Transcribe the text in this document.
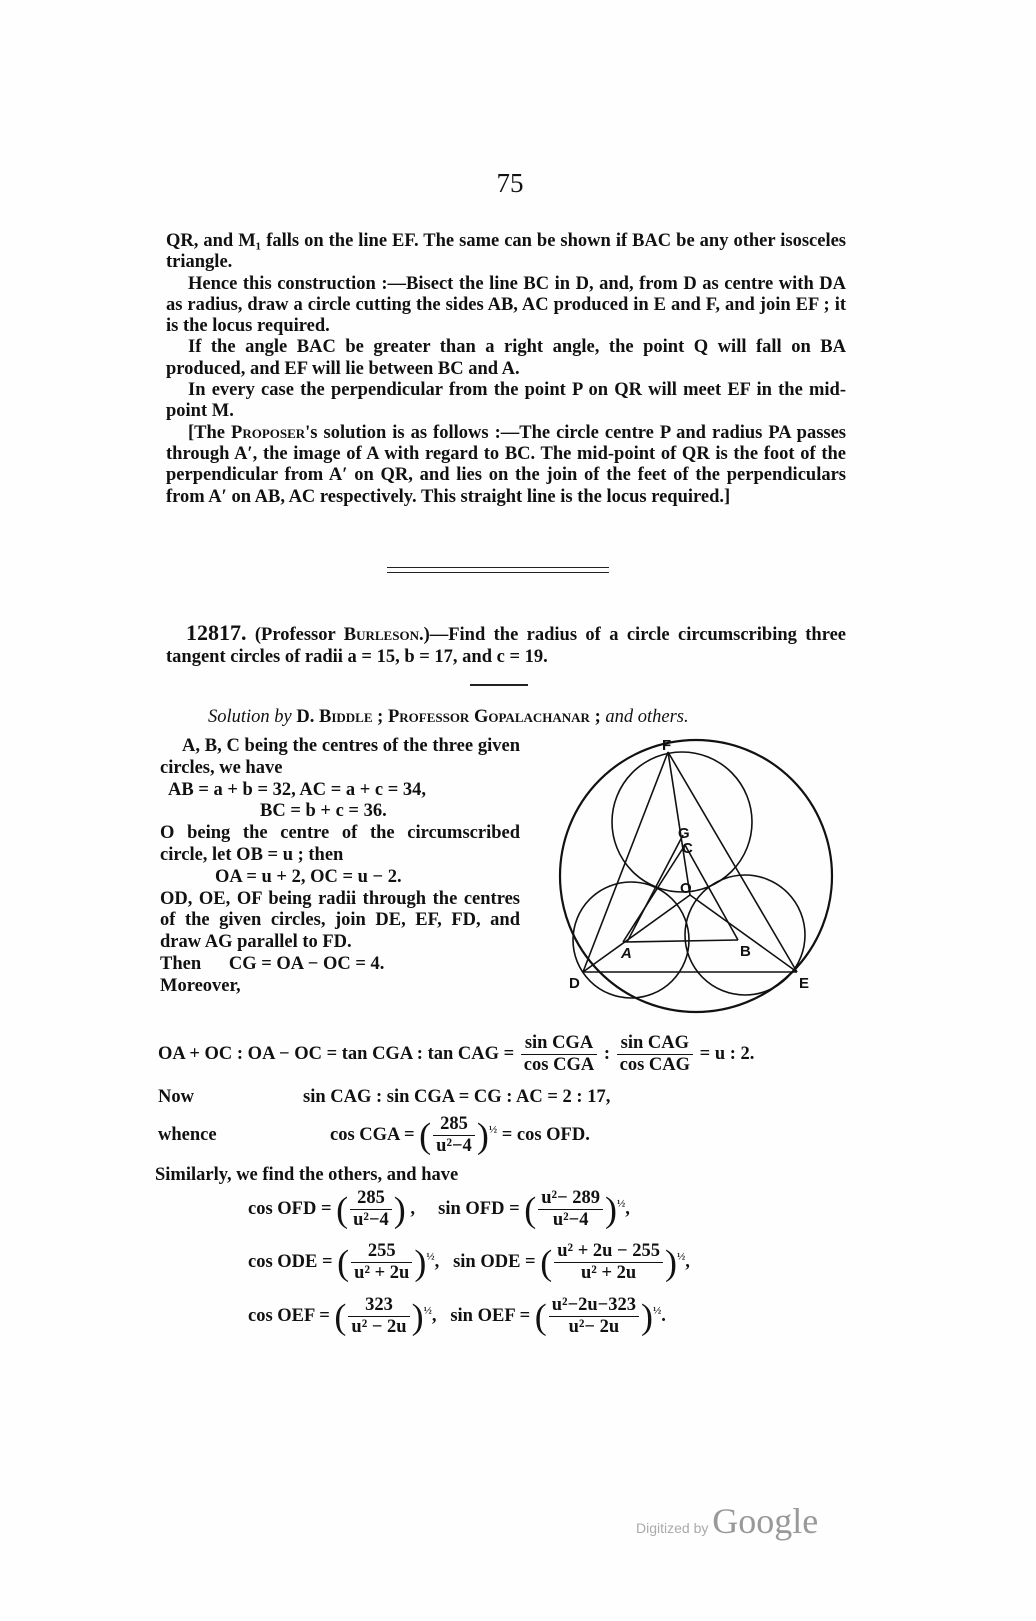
75
QR, and M₁ falls on the line EF. The same can be shown if BAC be any other isosceles triangle.
Hence this construction :—Bisect the line BC in D, and, from D as centre with DA as radius, draw a circle cutting the sides AB, AC produced in E and F, and join EF ; it is the locus required.
If the angle BAC be greater than a right angle, the point Q will fall on BA produced, and EF will lie between BC and A.
In every case the perpendicular from the point P on QR will meet EF in the mid-point M.
[The Proposer's solution is as follows :—The circle centre P and radius PA passes through A′, the image of A with regard to BC. The mid-point of QR is the foot of the perpendicular from A′ on QR, and lies on the join of the feet of the perpendiculars from A′ on AB, AC respectively. This straight line is the locus required.]
12817. (Professor Burleson.)—Find the radius of a circle circumscribing three tangent circles of radii a = 15, b = 17, and c = 19.
Solution by D. Biddle ; Professor Gopalachanar ; and others.
A, B, C being the centres of the three given circles, we have
AB = a + b = 32, AC = a + c = 34,
BC = b + c = 36.
O being the centre of the circumscribed circle, let OB = u ; then
OA = u + 2, OC = u − 2.
OD, OE, OF being radii through the centres of the given circles, join DE, EF, FD, and draw AG parallel to FD.
Then      CG = OA − OC = 4.
Moreover,
F
G
C
O
A	B
D	E
OA + OC : OA − OC = tan CGA : tan CAG = $\frac{\text{sin CGA}}{\text{cos CGA}}$ : $\frac{\text{sin CAG}}{\text{cos CAG}} = u$ : 2.
Now	sin CAG : sin CGA = CG : AC = 2 : 17,
whence	cos CGA = ( $\frac{285}{\text{u²−4}} )^{\frac{1}{2}} = \cos$ OFD.
Similarly, we find the others, and have
cos OFD = ( $\frac{285}{\text{u²−4}}$ ) ,     sin OFD = ( $\frac{\text{u²− 289}}{\text{u²−4}} )^{\frac{1}{2}}$,
cos ODE = ( $\frac{255}{\text{u² + 2u}} )^{\frac{1}{2}}$,   sin ODE = ( $\frac{\text{u² + 2u − 255}}{\text{u² + 2u}} )^{\frac{1}{2}}$,
cos OEF = ( $\frac{323}{\text{u² − 2u}} )^{\frac{1}{2}}$,   sin OEF = ( $\frac{\text{u²−2u−323}}{\text{u²− 2u}} )^{\frac{1}{2}}$.
Digitized by Google
